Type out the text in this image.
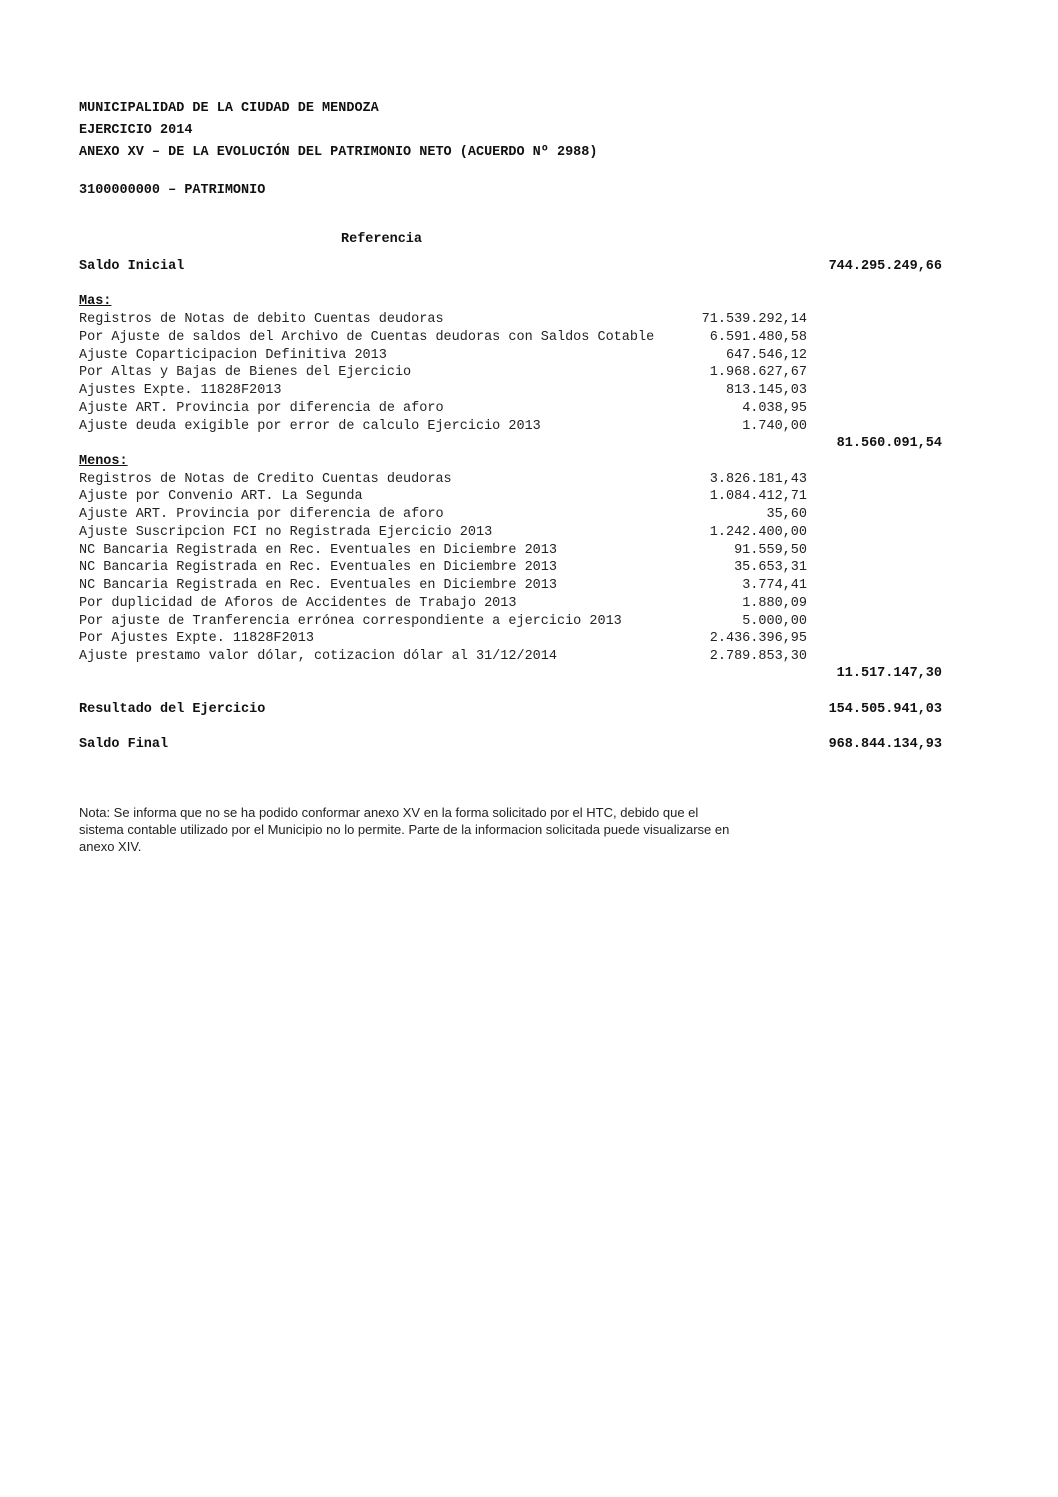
MUNICIPALIDAD DE LA CIUDAD DE MENDOZA
EJERCICIO 2014
ANEXO XV – DE LA EVOLUCIÓN DEL PATRIMONIO NETO (ACUERDO Nº 2988)
3100000000 – PATRIMONIO
Referencia
Saldo Inicial	744.295.249,66
Mas:
Registros de Notas de debito Cuentas deudoras	71.539.292,14
Por Ajuste de saldos del Archivo de Cuentas deudoras con Saldos Cotable	6.591.480,58
Ajuste Coparticipacion Definitiva 2013	647.546,12
Por Altas y Bajas de Bienes del Ejercicio	1.968.627,67
Ajustes Expte. 11828F2013	813.145,03
Ajuste ART. Provincia por diferencia de aforo	4.038,95
Ajuste deuda exigible por error de calculo Ejercicio 2013	1.740,00
81.560.091,54
Menos:
Registros de Notas de Credito Cuentas deudoras	3.826.181,43
Ajuste por Convenio ART. La Segunda	1.084.412,71
Ajuste ART. Provincia por diferencia de aforo	35,60
Ajuste Suscripcion FCI no Registrada Ejercicio 2013	1.242.400,00
NC Bancaria Registrada en Rec. Eventuales en Diciembre 2013	91.559,50
NC Bancaria Registrada en Rec. Eventuales en Diciembre 2013	35.653,31
NC Bancaria Registrada en Rec. Eventuales en Diciembre 2013	3.774,41
Por duplicidad de Aforos de Accidentes de Trabajo 2013	1.880,09
Por ajuste de Tranferencia errónea correspondiente a ejercicio 2013	5.000,00
Por Ajustes Expte. 11828F2013	2.436.396,95
Ajuste prestamo valor dólar, cotizacion dólar al 31/12/2014	2.789.853,30
11.517.147,30
Resultado del Ejercicio	154.505.941,03
Saldo Final	968.844.134,93
Nota: Se informa que no se ha podido conformar anexo XV en la forma solicitado por el HTC, debido que el sistema contable utilizado por el Municipio no lo permite. Parte de la informacion solicitada puede visualizarse en anexo XIV.
